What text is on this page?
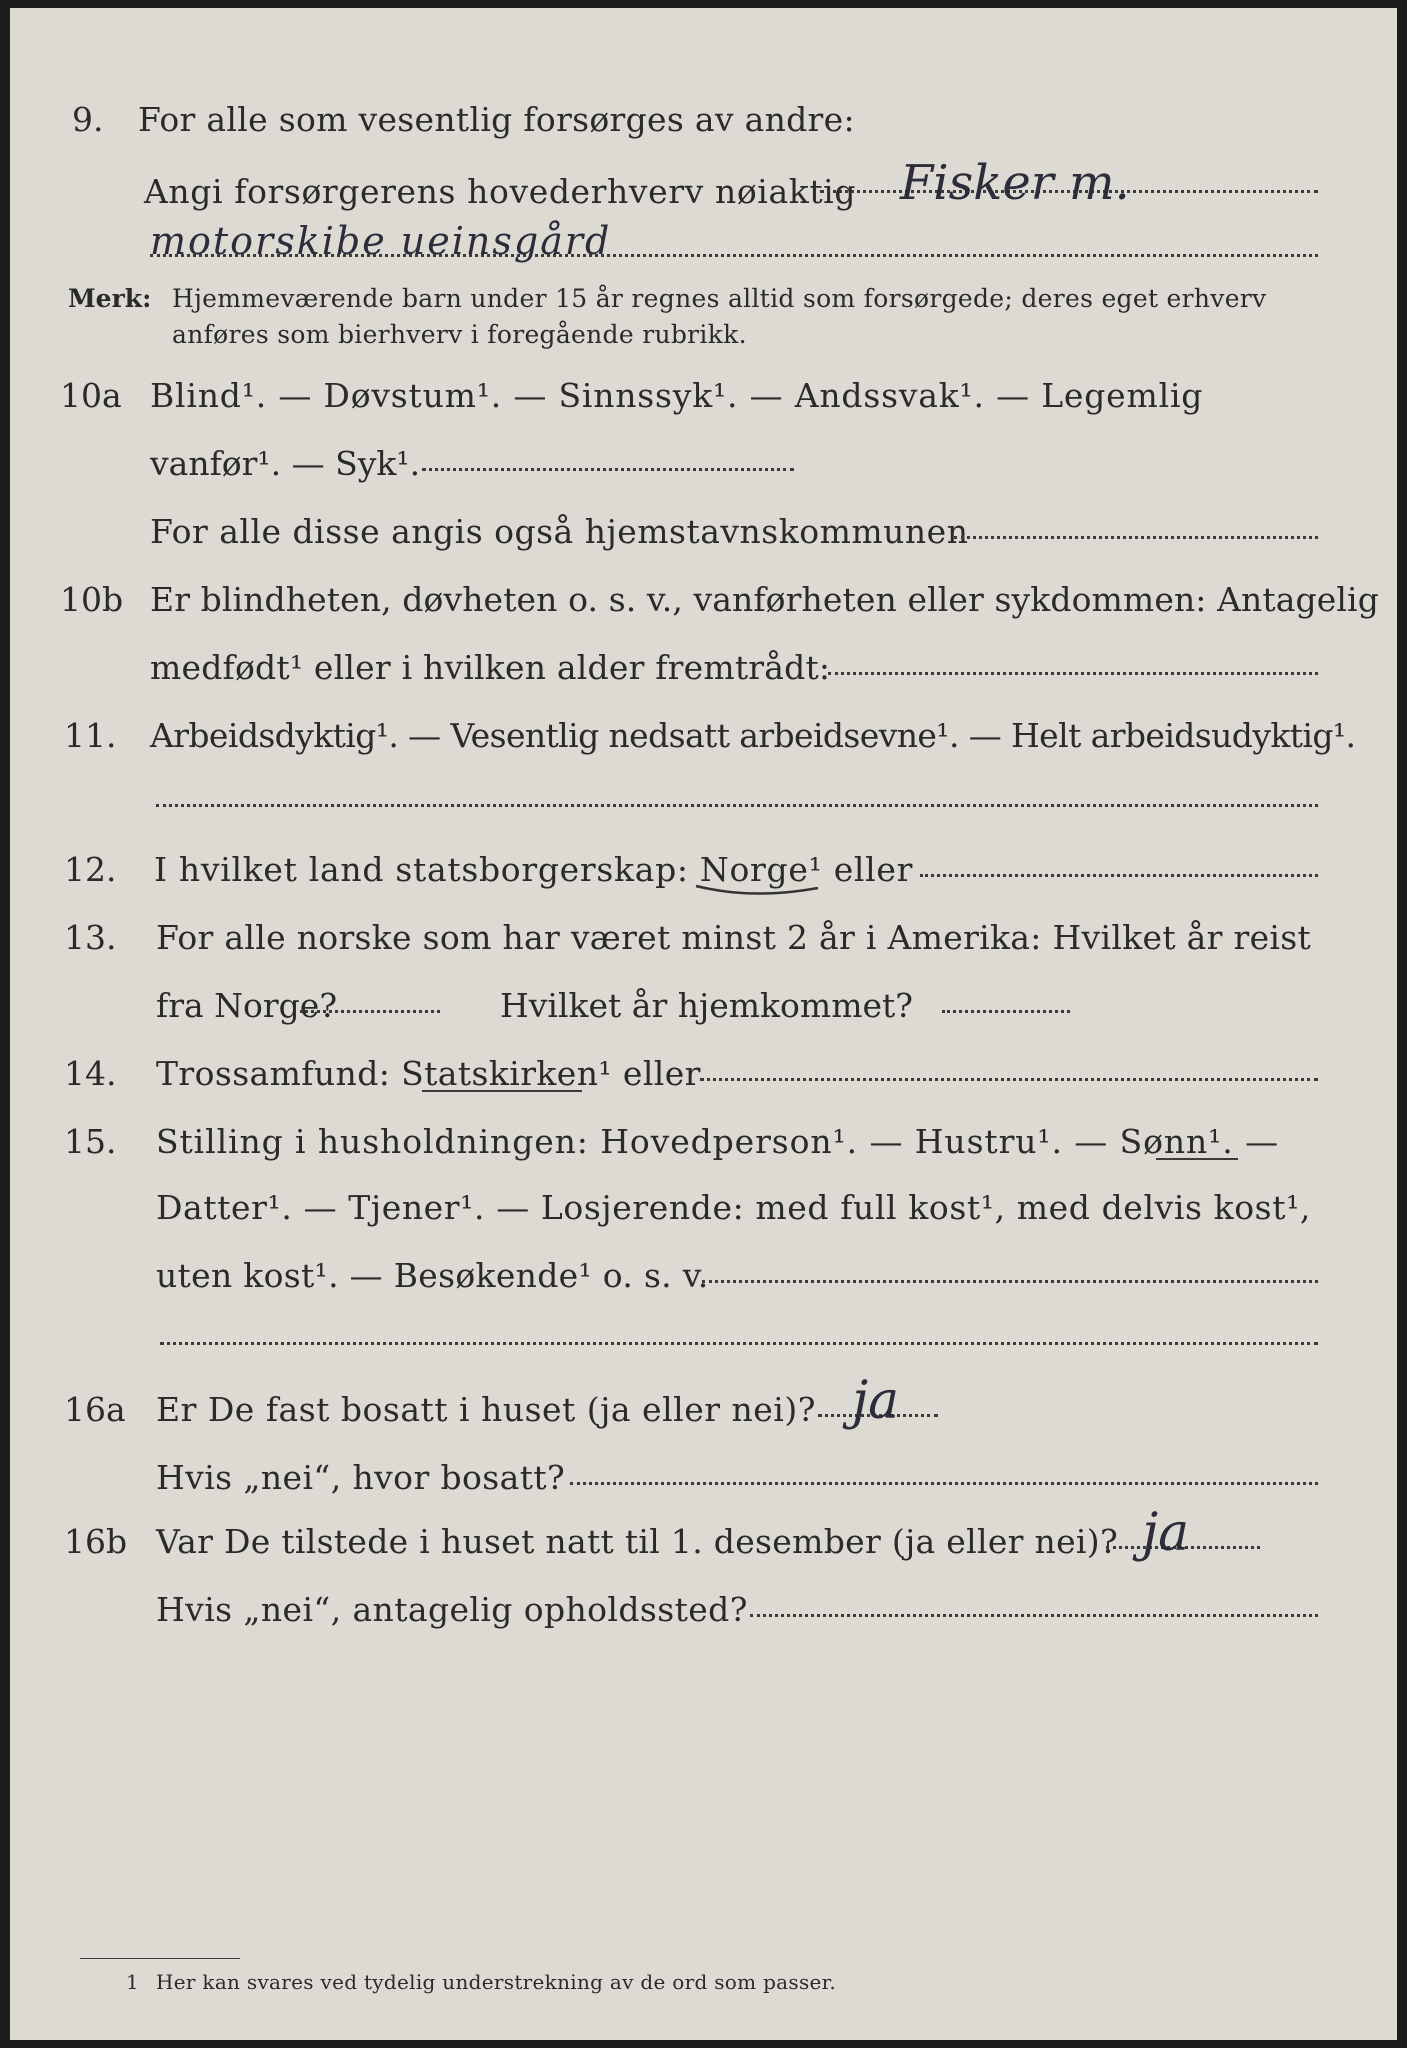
9. For alle som vesentlig forsørges av andre:
Angi forsørgerens hovederhverv nøiaktig Fisker m.
motorskibe ueinsgård
Merk: Hjemmeværende barn under 15 år regnes alltid som forsørgede; deres eget erhverv
anføres som bierhverv i foregående rubrikk.
10a Blind¹. — Døvstum¹. — Sinnssyk¹. — Andssvak¹. — Legemlig
vanfør¹. — Syk¹.
For alle disse angis også hjemstavnskommunen
10b Er blindheten, døvheten o. s. v., vanførheten eller sykdommen: Antagelig
medfødt¹ eller i hvilken alder fremtrådt:
11. Arbeidsdyktig¹. — Vesentlig nedsatt arbeidsevne¹. — Helt arbeidsudyktig¹.
12. I hvilket land statsborgerskap: Norge¹ eller
13. For alle norske som har været minst 2 år i Amerika: Hvilket år reist
fra Norge?	Hvilket år hjemkommet?
14. Trossamfund: Statskirken¹ eller
15. Stilling i husholdningen: Hovedperson¹. — Hustru¹. — Sønn¹. —
Datter¹. — Tjener¹. — Losjerende: med full kost¹, med delvis kost¹,
uten kost¹. — Besøkende¹ o. s. v.
16a Er De fast bosatt i huset (ja eller nei)? ja
Hvis „nei“, hvor bosatt?
16b Var De tilstede i huset natt til 1. desember (ja eller nei)? ja
Hvis „nei“, antagelig opholdssted?
1 Her kan svares ved tydelig understrekning av de ord som passer.
